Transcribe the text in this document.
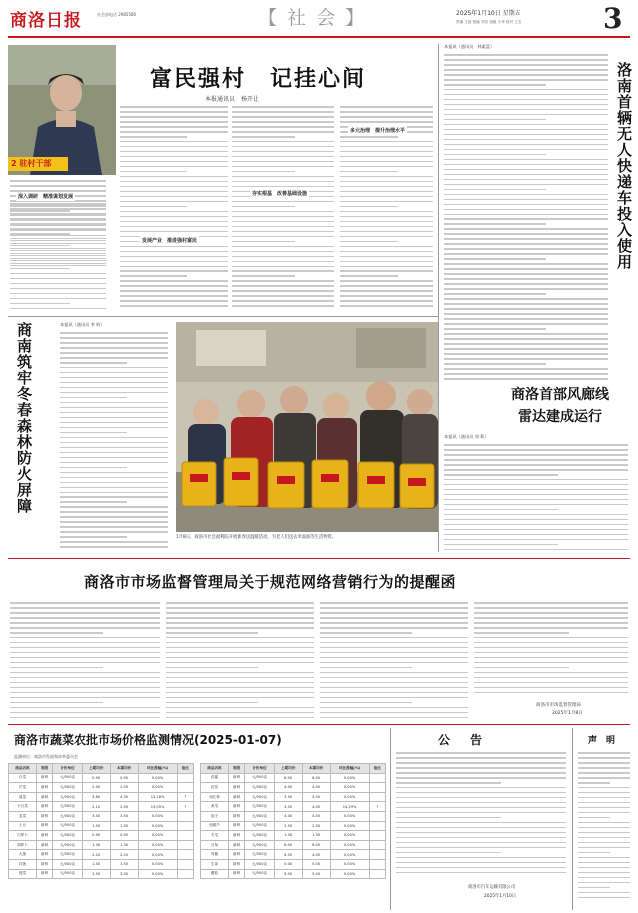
商洛日报	社会部电话 2985580	【 社 会 】	2025年1月10日 星期五
责编 王茹 校编 刘芳 组版 小华 校对 王宝	3
富民强村　记挂心间
本报通讯员　杨开让
2 驻村干部
深入调研　精准谋划发展
发展产业　推进强村富民
夯实根基　改善基础设施
多元治理　提升治理水平
本报讯（通讯员　林素蓝）
洛南首辆无人快递车投入使用
商洛首部风廊线雷达建成运行
本报讯（通讯员 刘 莉）
商南筑牢冬春森林防火屏障	本报讯（通讯员 李 昀）
1月8日，商洛市社会福利院开展新春送温暖活动，为老人们送去米面油等生活物资。
商洛市市场监督管理局关于规范网络营销行为的提醒函
商洛市市场监督管理局
2025年1月8日
商洛市蔬菜农批市场价格监测情况(2025-01-07)
监测单位：商洛市发展和改革委员会
商品名称	等级	计价单位	上期均价	本期均价	环比涨幅(%)	备注
白菜	新鲜	元/500克	0.90	0.90	0.00%	
芹菜	新鲜	元/500克	2.00	2.00	0.00%	
菠菜	新鲜	元/500克	3.80	4.30	13.16%	↑
小白菜	新鲜	元/500克	2.10	2.50	19.05%	↑
韭菜	新鲜	元/500克	3.50	3.50	0.00%	
土豆	新鲜	元/500克	1.50	1.50	0.00%	
白萝卜	新鲜	元/500克	0.90	0.90	0.00%	
胡萝卜	新鲜	元/500克	1.30	1.30	0.00%	
大葱	新鲜	元/500克	2.20	2.20	0.00%	
洋葱	新鲜	元/500克	1.50	1.50	0.00%	
莲菜	新鲜	元/500克	3.50	3.50	0.00%	
商品名称	等级	计价单位	上期均价	本期均价	环比涨幅(%)	备注
蒜薹	新鲜	元/500克	6.00	6.00	0.00%	
蒜苗	新鲜	元/500克	4.00	4.00	0.00%	
西红柿	新鲜	元/500克	3.50	3.50	0.00%	
黄瓜	新鲜	元/500克	3.50	4.00	14.29%	↑
茄子	新鲜	元/500克	4.00	4.00	0.00%	
西葫芦	新鲜	元/500克	2.50	2.50	0.00%	
冬瓜	新鲜	元/500克	1.30	1.30	0.00%	
豆角	新鲜	元/500克	6.00	6.00	0.00%	
青椒	新鲜	元/500克	4.00	4.00	0.00%	
生姜	新鲜	元/500克	5.00	5.00	0.00%	
蘑菇	新鲜	元/500克	5.00	5.00	0.00%	
公　告
商洛市汽车运输有限公司
2025年1月10日
声　明
